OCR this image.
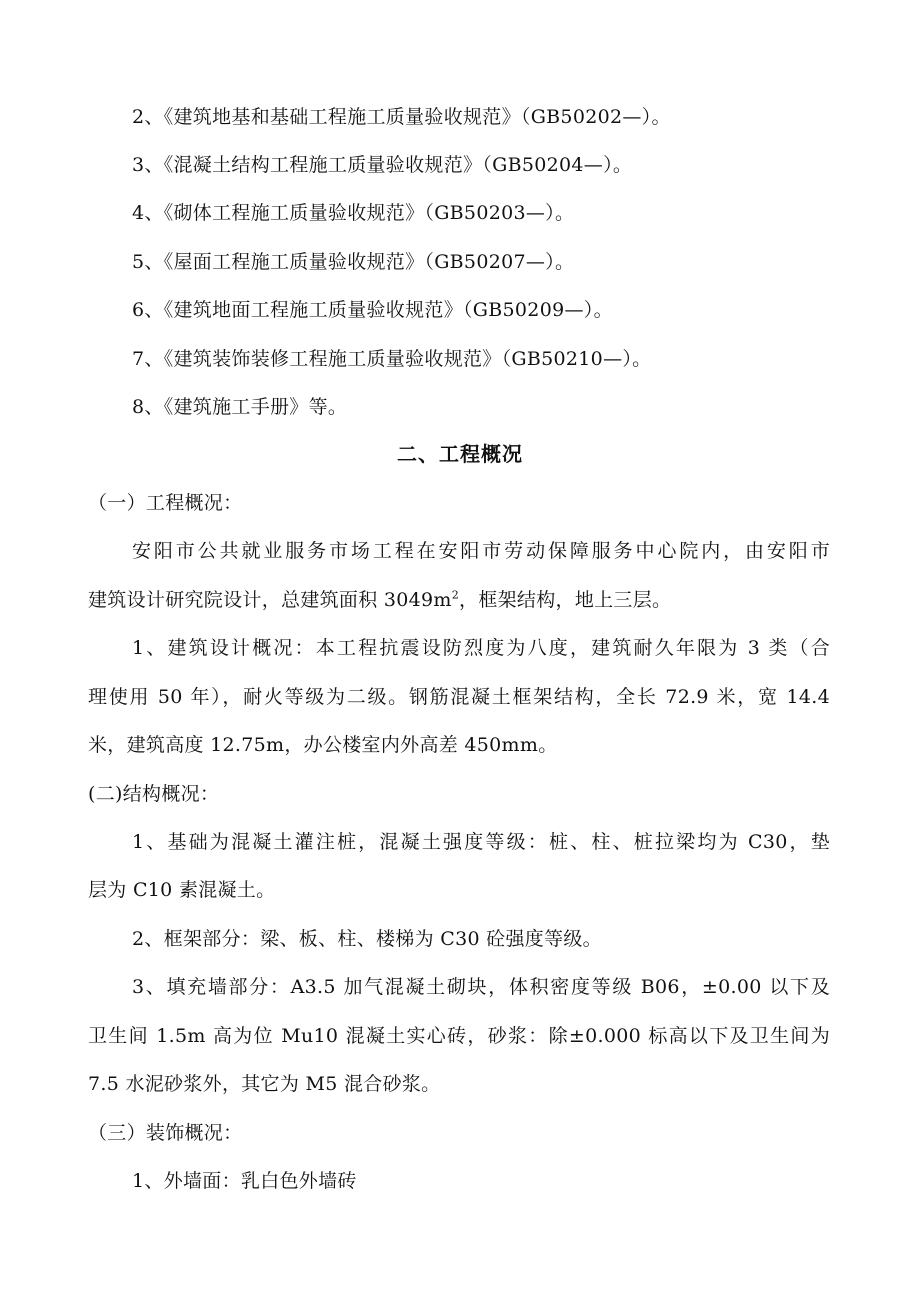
2、《建筑地基和基础工程施工质量验收规范》（GB50202—）。
3、《混凝土结构工程施工质量验收规范》（GB50204—）。
4、《砌体工程施工质量验收规范》（GB50203—）。
5、《屋面工程施工质量验收规范》（GB50207—）。
6、《建筑地面工程施工质量验收规范》（GB50209—）。
7、《建筑装饰装修工程施工质量验收规范》（GB50210—）。
8、《建筑施工手册》等。
二、工程概况
（一）工程概况：
安阳市公共就业服务市场工程在安阳市劳动保障服务中心院内，由安阳市
建筑设计研究院设计，总建筑面积 $3049m^2$，框架结构，地上三层。
1、建筑设计概况：本工程抗震设防烈度为八度，建筑耐久年限为 3 类（合
理使用 50 年），耐火等级为二级。钢筋混凝土框架结构，全长 72.9 米，宽 14.4
米，建筑高度 12.75m，办公楼室内外高差 450mm。
(二)结构概况：
1、基础为混凝土灌注桩，混凝土强度等级：桩、柱、桩拉梁均为 C30，垫
层为 C10 素混凝土。
2、框架部分：梁、板、柱、楼梯为 C30 砼强度等级。
3、填充墙部分：A3.5 加气混凝土砌块，体积密度等级 B06，±0.00 以下及
卫生间 1.5m 高为位 Mu10 混凝土实心砖，砂浆：除±0.000 标高以下及卫生间为
7.5 水泥砂浆外，其它为 M5 混合砂浆。
（三）装饰概况：
1、外墙面：乳白色外墙砖
